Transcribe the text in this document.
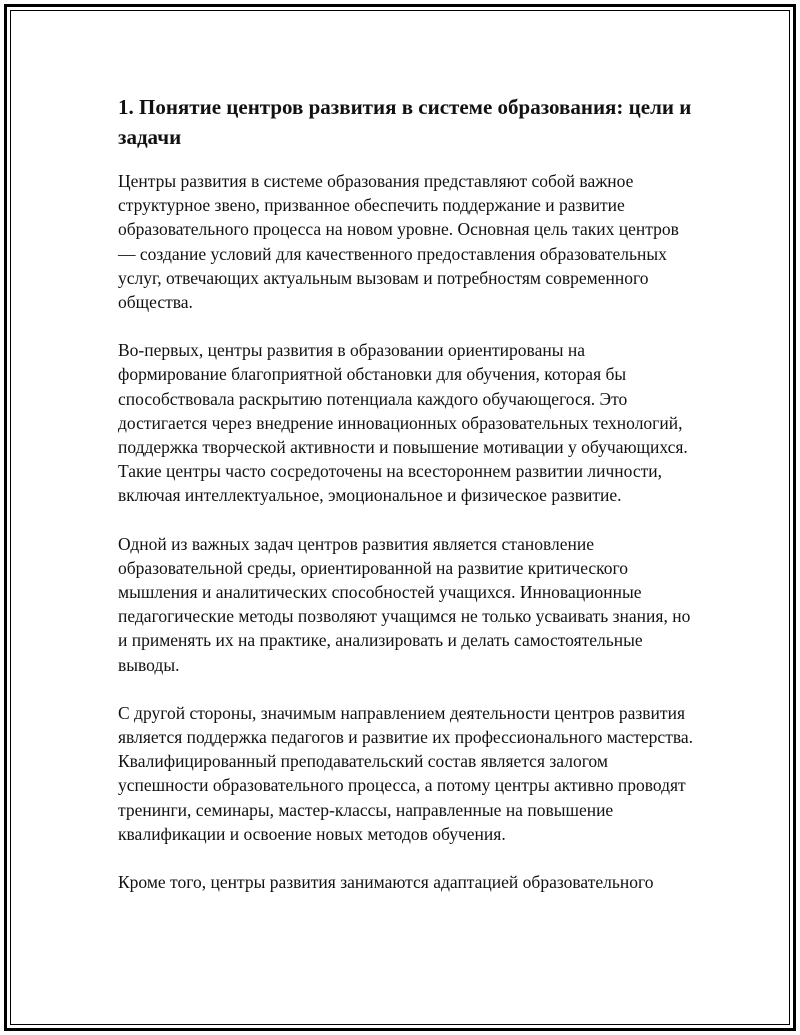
1. Понятие центров развития в системе образования: цели и задачи

Центры развития в системе образования представляют собой важное структурное звено, призванное обеспечить поддержание и развитие образовательного процесса на новом уровне. Основная цель таких центров — создание условий для качественного предоставления образовательных услуг, отвечающих актуальным вызовам и потребностям современного общества.

Во-первых, центры развития в образовании ориентированы на формирование благоприятной обстановки для обучения, которая бы способствовала раскрытию потенциала каждого обучающегося. Это достигается через внедрение инновационных образовательных технологий, поддержка творческой активности и повышение мотивации у обучающихся. Такие центры часто сосредоточены на всестороннем развитии личности, включая интеллектуальное, эмоциональное и физическое развитие.

Одной из важных задач центров развития является становление образовательной среды, ориентированной на развитие критического мышления и аналитических способностей учащихся. Инновационные педагогические методы позволяют учащимся не только усваивать знания, но и применять их на практике, анализировать и делать самостоятельные выводы.

С другой стороны, значимым направлением деятельности центров развития является поддержка педагогов и развитие их профессионального мастерства. Квалифицированный преподавательский состав является залогом успешности образовательного процесса, а потому центры активно проводят тренинги, семинары, мастер-классы, направленные на повышение квалификации и освоение новых методов обучения.

Кроме того, центры развития занимаются адаптацией образовательного
